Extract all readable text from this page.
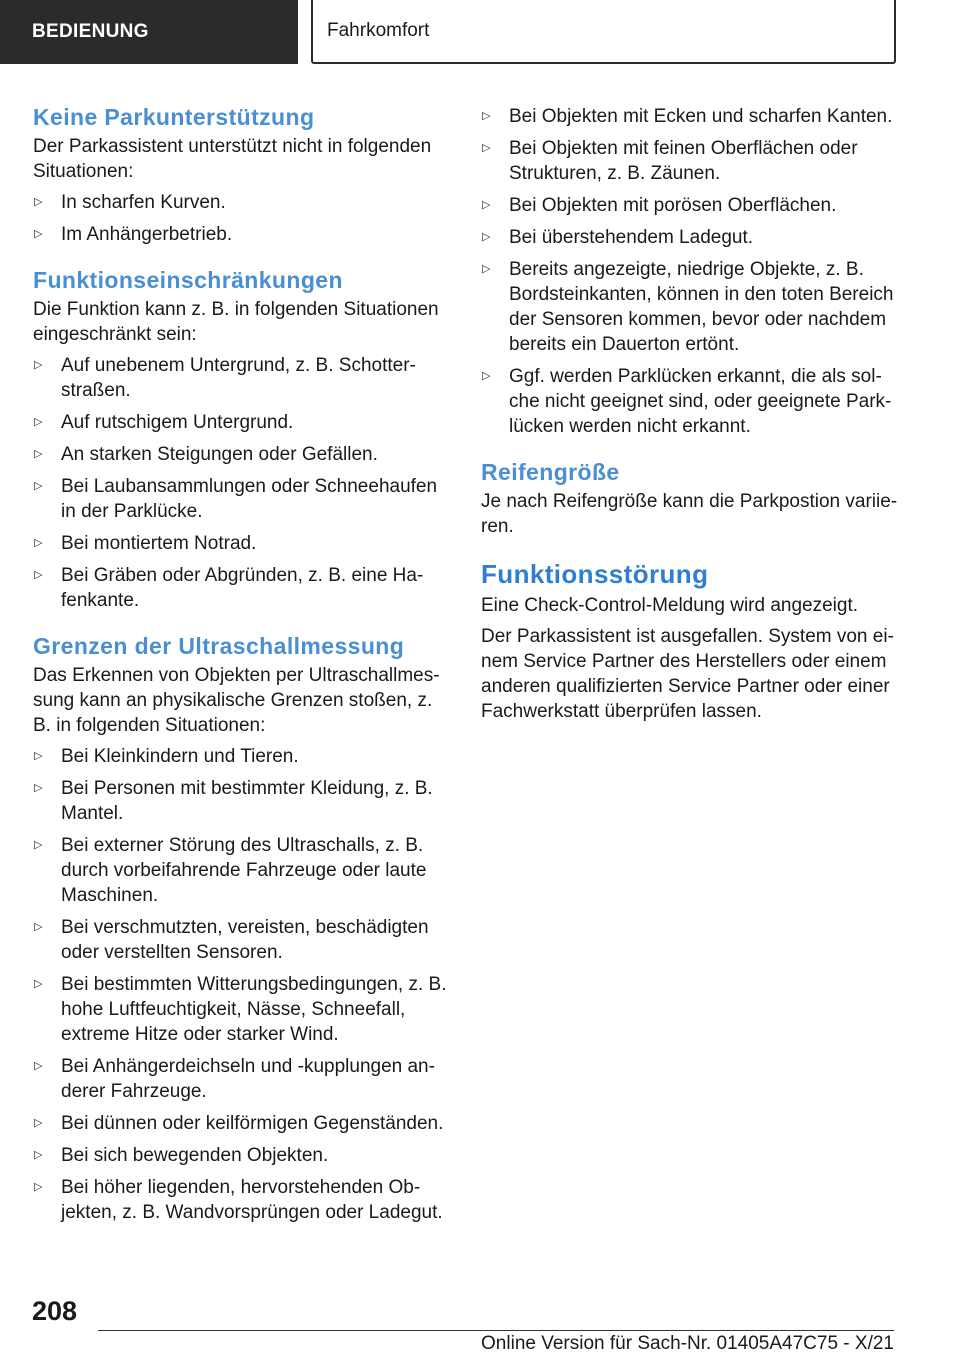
BEDIENUNG	Fahrkomfort
Keine Parkunterstützung

Der Parkassistent unterstützt nicht in folgenden Situationen:

▷ In scharfen Kurven.
▷ Im Anhängerbetrieb.
Funktionseinschränkungen

Die Funktion kann z. B. in folgenden Situationen eingeschränkt sein:

▷ Auf unebenem Untergrund, z. B. Schotterstraßen.
▷ Auf rutschigem Untergrund.
▷ An starken Steigungen oder Gefällen.
▷ Bei Laubansammlungen oder Schneehaufen in der Parklücke.
▷ Bei montiertem Notrad.
▷ Bei Gräben oder Abgründen, z. B. eine Hafenkante.
Grenzen der Ultraschallmessung

Das Erkennen von Objekten per Ultraschallmessung kann an physikalische Grenzen stoßen, z. B. in folgenden Situationen:

▷ Bei Kleinkindern und Tieren.
▷ Bei Personen mit bestimmter Kleidung, z. B. Mantel.
▷ Bei externer Störung des Ultraschalls, z. B. durch vorbeifahrende Fahrzeuge oder laute Maschinen.
▷ Bei verschmutzten, vereisten, beschädigten oder verstellten Sensoren.
▷ Bei bestimmten Witterungsbedingungen, z. B. hohe Luftfeuchtigkeit, Nässe, Schneefall, extreme Hitze oder starker Wind.
▷ Bei Anhängerdeichseln und -kupplungen anderer Fahrzeuge.
▷ Bei dünnen oder keilförmigen Gegenständen.
▷ Bei sich bewegenden Objekten.
▷ Bei höher liegenden, hervorstehenden Objekten, z. B. Wandvorsprüngen oder Ladegut.
▷ Bei Objekten mit Ecken und scharfen Kanten.
▷ Bei Objekten mit feinen Oberflächen oder Strukturen, z. B. Zäunen.
▷ Bei Objekten mit porösen Oberflächen.
▷ Bei überstehendem Ladegut.
▷ Bereits angezeigte, niedrige Objekte, z. B. Bordsteinkanten, können in den toten Bereich der Sensoren kommen, bevor oder nachdem bereits ein Dauerton ertönt.
▷ Ggf. werden Parklücken erkannt, die als solche nicht geeignet sind, oder geeignete Parklücken werden nicht erkannt.
Reifengröße

Je nach Reifengröße kann die Parkpostion variieren.

Funktionsstörung

Eine Check-Control-Meldung wird angezeigt.

Der Parkassistent ist ausgefallen. System von einem Service Partner des Herstellers oder einem anderen qualifizierten Service Partner oder einer Fachwerkstatt überprüfen lassen.

208
Online Version für Sach-Nr. 01405A47C75 - X/21
